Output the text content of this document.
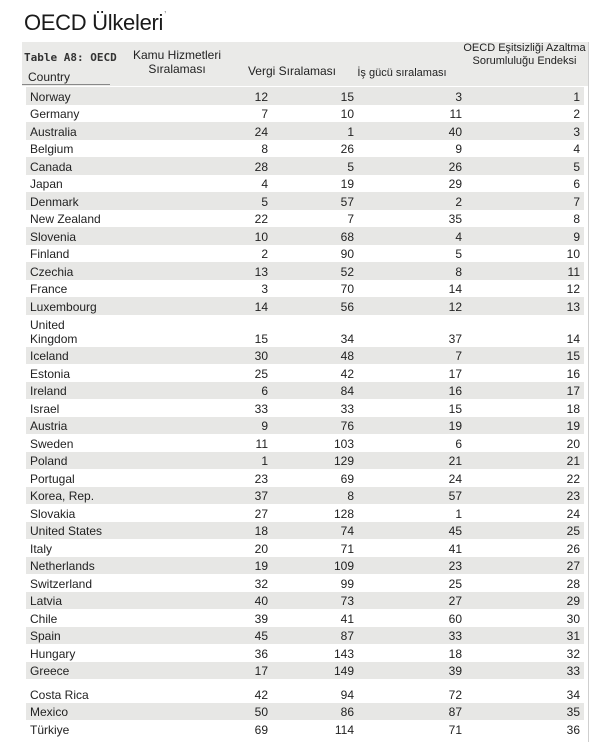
OECD Ülkeleri’
Table A8: OECD
Country
Kamu Hizmetleri Sıralaması	Vergi Sıralaması	İş gücü sıralaması
OECD Eşitsizliği Azaltma Sorumluluğu Endeksi
Norway	12	15	3	1
Germany	7	10	11	2
Australia	24	1	40	3
Belgium	8	26	9	4
Canada	28	5	26	5
Japan	4	19	29	6
Denmark	5	57	2	7
New Zealand	22	7	35	8
Slovenia	10	68	4	9
Finland	2	90	5	10
Czechia	13	52	8	11
France	3	70	14	12
Luxembourg	14	56	12	13
United Kingdom	15	34	37	14
Iceland	30	48	7	15
Estonia	25	42	17	16
Ireland	6	84	16	17
Israel	33	33	15	18
Austria	9	76	19	19
Sweden	11	103	6	20
Poland	1	129	21	21
Portugal	23	69	24	22
Korea, Rep.	37	8	57	23
Slovakia	27	128	1	24
United States	18	74	45	25
Italy	20	71	41	26
Netherlands	19	109	23	27
Switzerland	32	99	25	28
Latvia	40	73	27	29
Chile	39	41	60	30
Spain	45	87	33	31
Hungary	36	143	18	32
Greece	17	149	39	33
Costa Rica	42	94	72	34
Mexico	50	86	87	35
Türkiye	69	114	71	36
